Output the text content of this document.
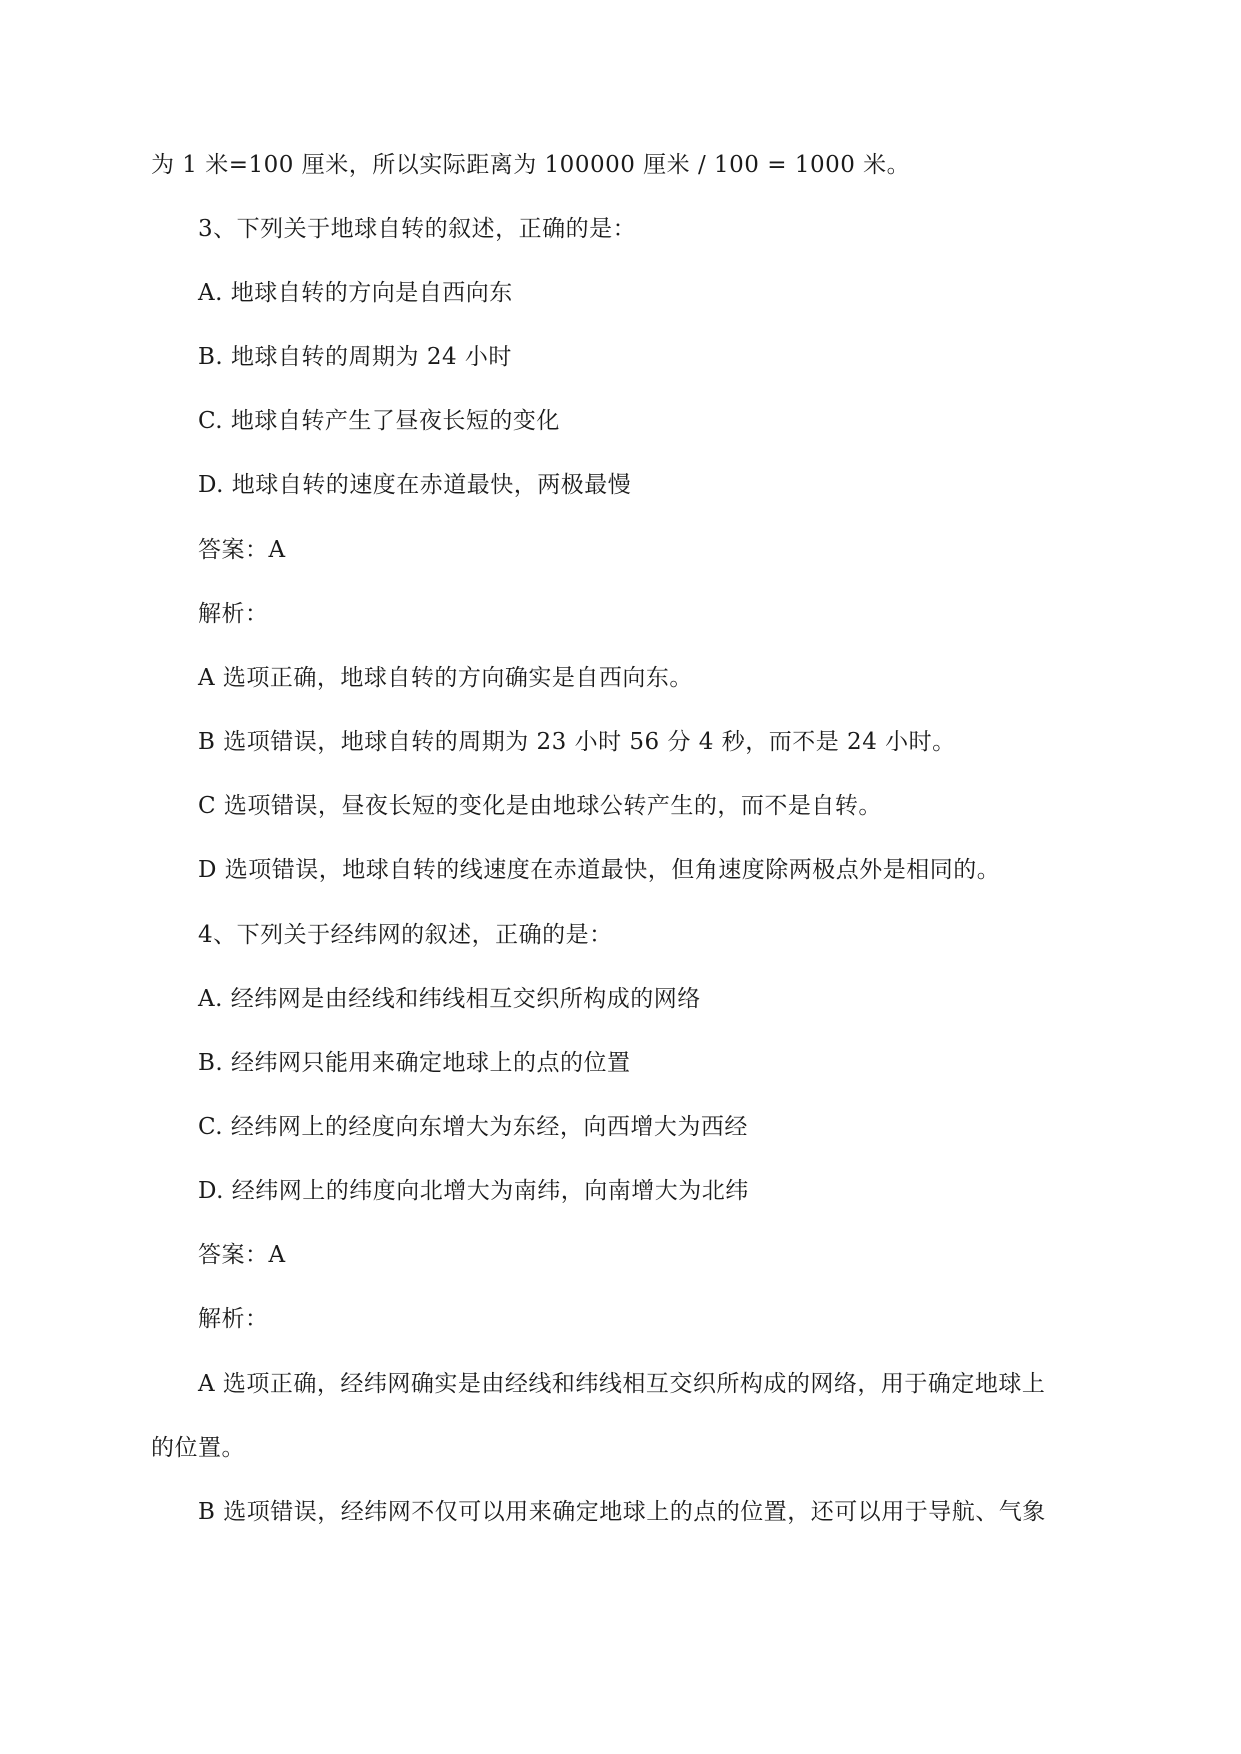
为 1 米=100 厘米，所以实际距离为 100000 厘米 / 100 = 1000 米。
3、下列关于地球自转的叙述，正确的是：
A. 地球自转的方向是自西向东
B. 地球自转的周期为 24 小时
C. 地球自转产生了昼夜长短的变化
D. 地球自转的速度在赤道最快，两极最慢
答案：A
解析：
A 选项正确，地球自转的方向确实是自西向东。
B 选项错误，地球自转的周期为 23 小时 56 分 4 秒，而不是 24 小时。
C 选项错误，昼夜长短的变化是由地球公转产生的，而不是自转。
D 选项错误，地球自转的线速度在赤道最快，但角速度除两极点外是相同的。
4、下列关于经纬网的叙述，正确的是：
A. 经纬网是由经线和纬线相互交织所构成的网络
B. 经纬网只能用来确定地球上的点的位置
C. 经纬网上的经度向东增大为东经，向西增大为西经
D. 经纬网上的纬度向北增大为南纬，向南增大为北纬
答案：A
解析：
A 选项正确，经纬网确实是由经线和纬线相互交织所构成的网络，用于确定地球上
的位置。
B 选项错误，经纬网不仅可以用来确定地球上的点的位置，还可以用于导航、气象
